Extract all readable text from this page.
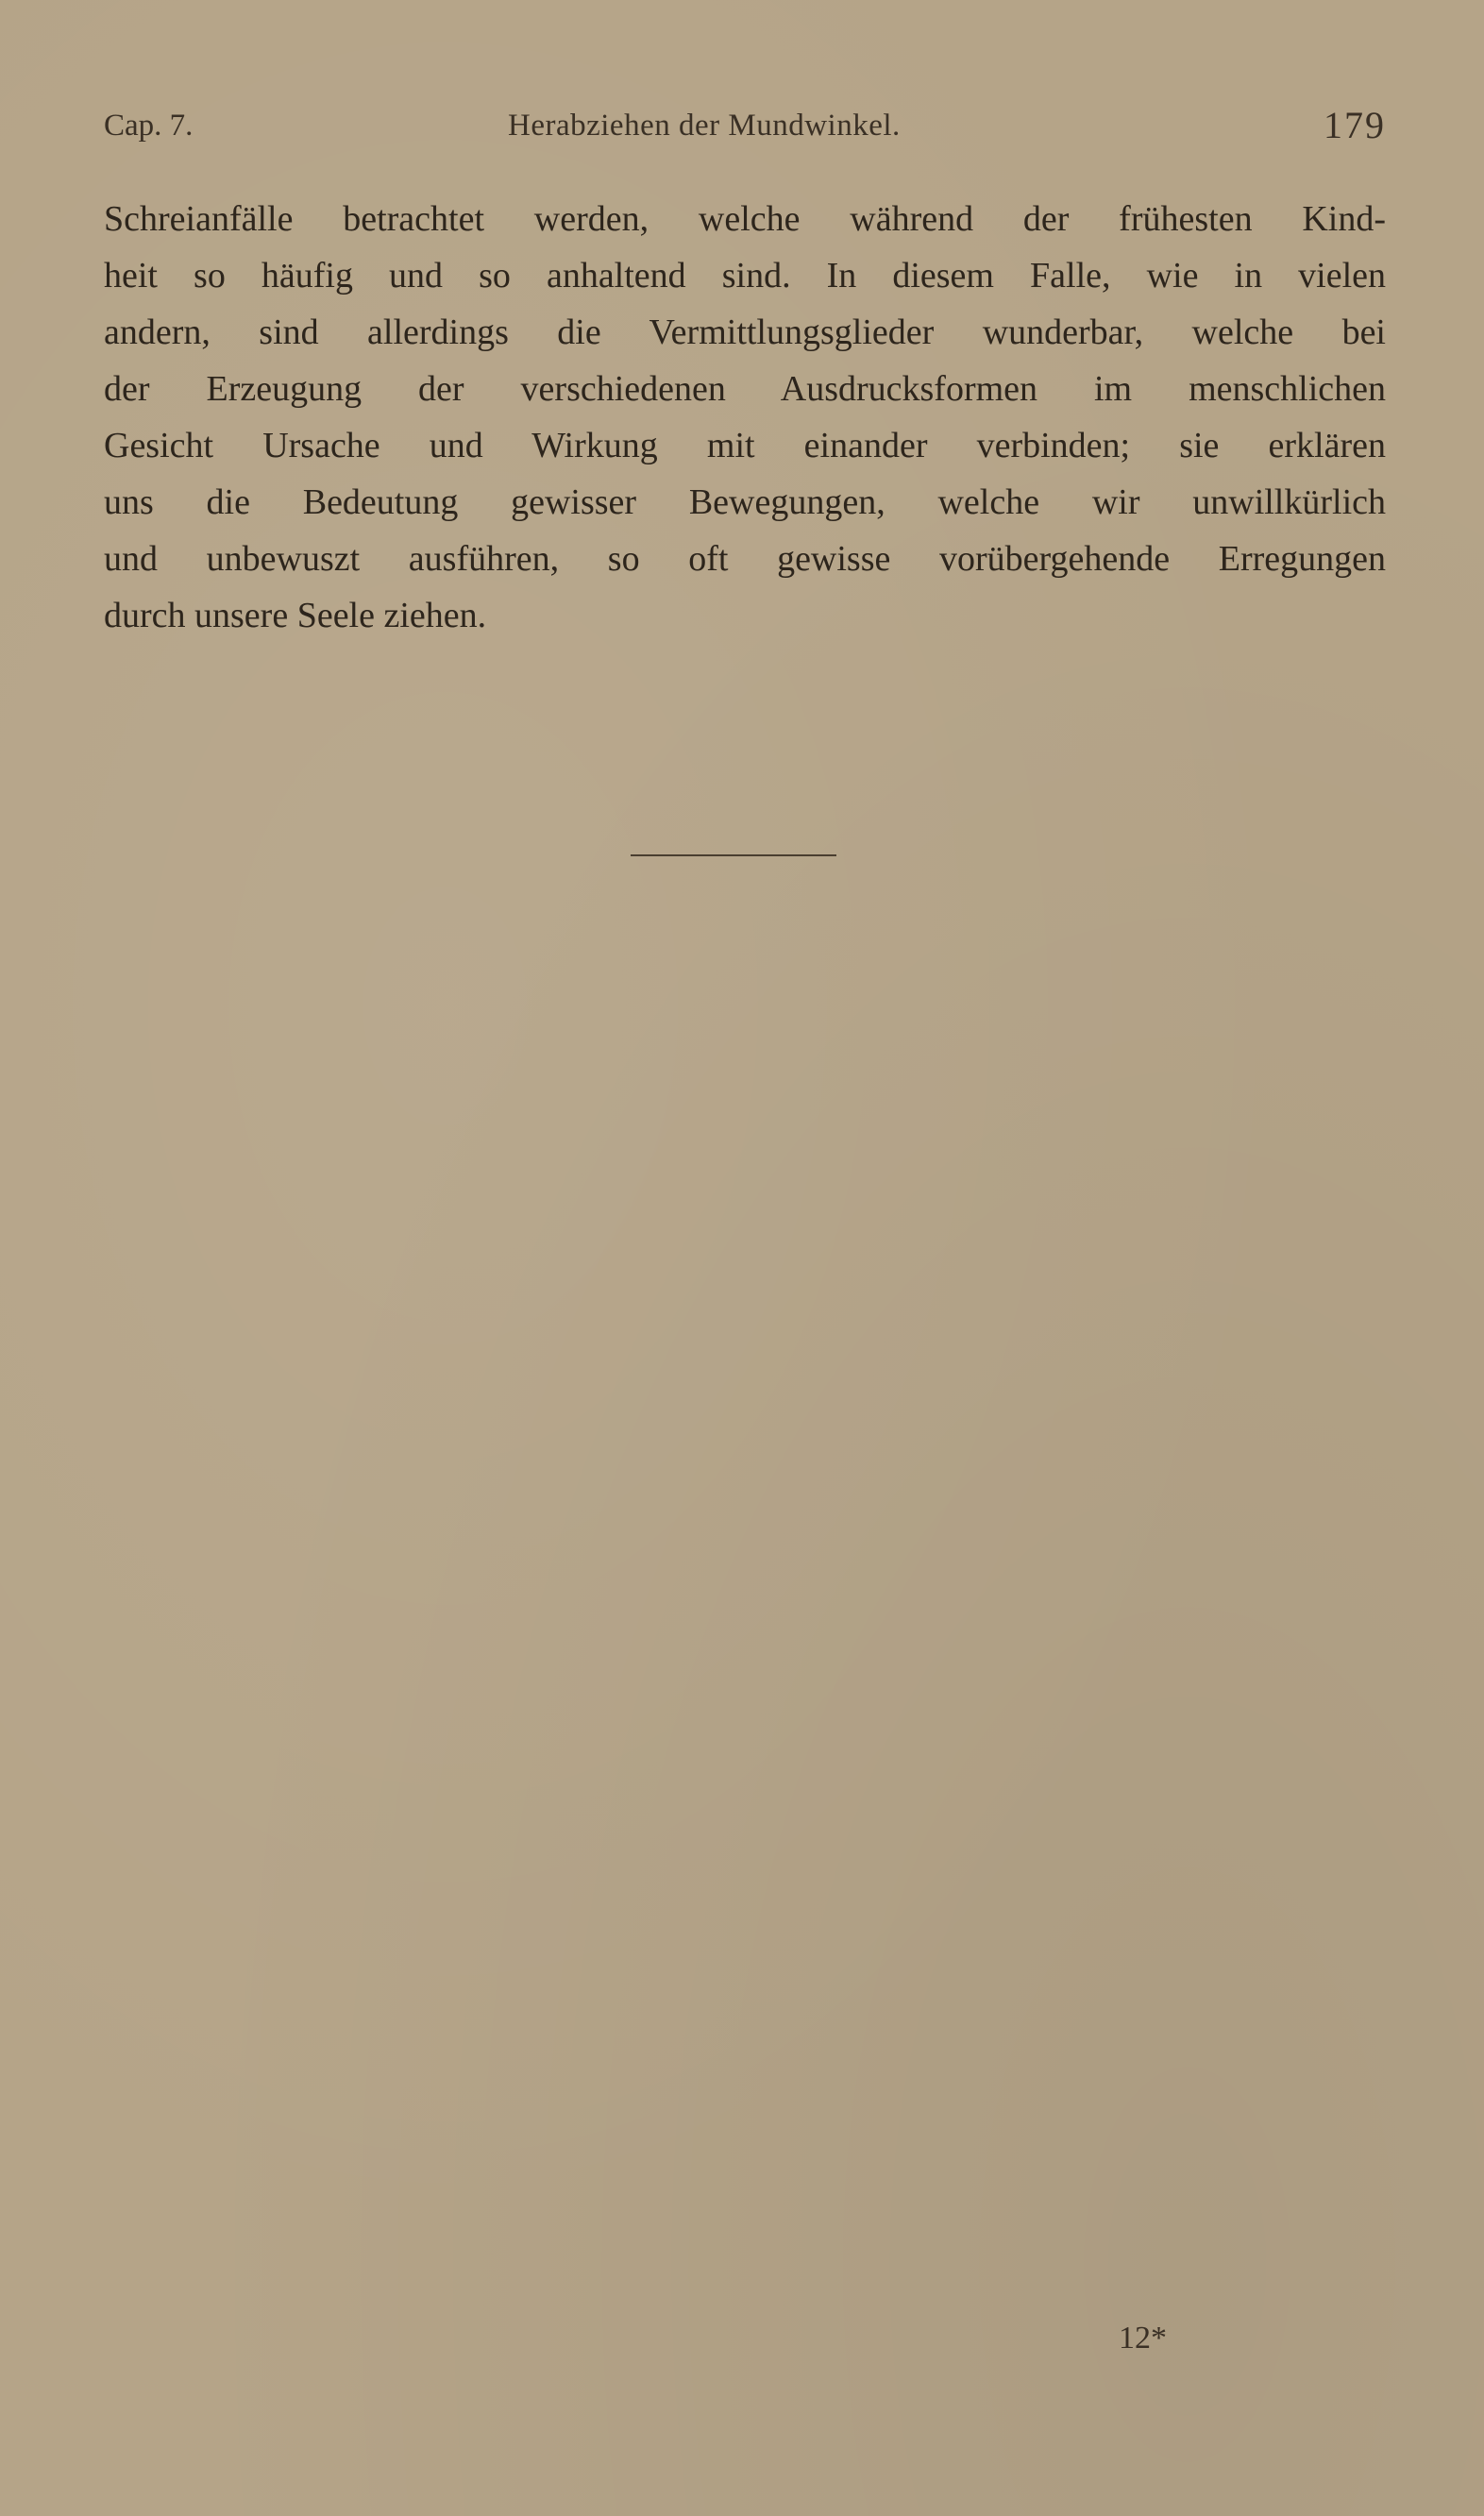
Cap. 7.	Herabziehen der Mundwinkel.	179
Schreianfälle betrachtet werden, welche während der frühesten Kind-
heit so häufig und so anhaltend sind. In diesem Falle, wie in vielen
andern, sind allerdings die Vermittlungsglieder wunderbar, welche bei
der Erzeugung der verschiedenen Ausdrucksformen im menschlichen
Gesicht Ursache und Wirkung mit einander verbinden; sie erklären
uns die Bedeutung gewisser Bewegungen, welche wir unwillkürlich
und unbewuszt ausführen, so oft gewisse vorübergehende Erregungen
durch unsere Seele ziehen.
12*
